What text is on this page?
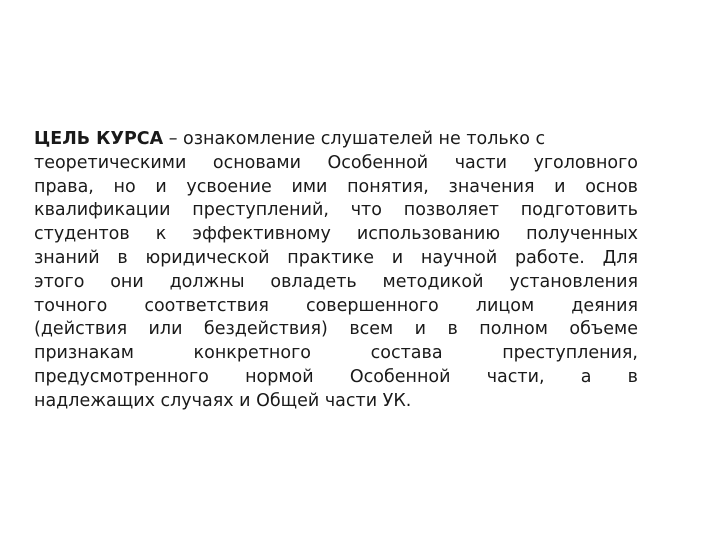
ЦЕЛЬ КУРСА – ознакомление слушателей не только с
теоретическими основами Особенной части уголовного
права, но и усвоение ими понятия, значения и основ
квалификации преступлений, что позволяет подготовить
студентов к эффективному использованию полученных
знаний в юридической практике и научной работе. Для
этого они должны овладеть методикой установления
точного соответствия совершенного лицом деяния
(действия или бездействия) всем и в полном объеме
признакам конкретного состава преступления,
предусмотренного нормой Особенной части, а в
надлежащих случаях и Общей части УК.
